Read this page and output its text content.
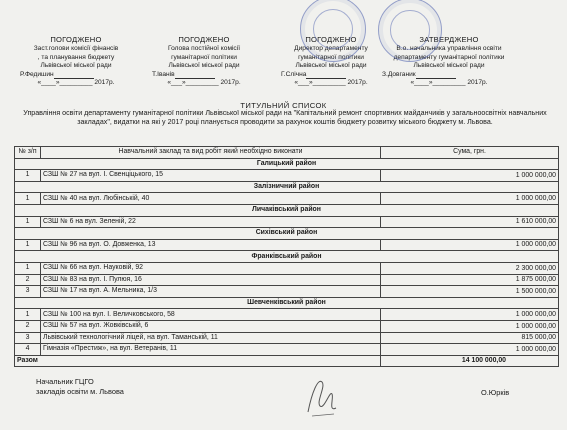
ПОГОДЖЕНО
Заст.голови комісії фінансів
, та планування бюджету
Львівської міської ради
Р.Федишин
«____»_________ 2017р.
ПОГОДЖЕНО
Голова постійної комісії
гуманітарної політики
Львівської міської ради
Т.Іванів
«___»_________ 2017р.
ПОГОДЖЕНО
Директор департаменту
гуманітарної політики
Львівської міської ради
Г.Слічна
«___»_________ 2017р.
ЗАТВЕРДЖЕНО
В.о. начальника управління освіти
департаменту гуманітарної політики
Львівської міської ради
З.Довганик
«____»_________ 2017р.
ТИТУЛЬНИЙ СПИСОК
Управління освіти департаменту гуманітарної політики Львівської міської ради на "Капітальний ремонт спортивних майданчиків у загальноосвітніх навчальних закладах", видатки на які у 2017 році планується проводити за рахунок коштів бюджету розвитку міського бюджету м. Львова.
№ з/п	Навчальний заклад та вид робіт який необхідно виконати	Сума, грн.
Галицький район		
1	СЗШ № 27 на вул. І. Свенціцького, 15	1 000 000,00
Залізничний район		
1	СЗШ № 40 на вул. Любінській, 40	1 000 000,00
Личаківський район		
1	СЗШ № 6 на вул. Зеленій, 22	1 610 000,00
Сихівський район		
1	СЗШ № 96 на вул. О. Довженка, 13	1 000 000,00
Франківський район		
1	СЗШ № 66 на вул. Науковій, 92	2 300 000,00
2	СЗШ № 83 на вул. І. Пулюя, 16	1 875 000,00
3	СЗШ № 17 на вул. А. Мельника, 1/3	1 500 000,00
Шевченківський район		
1	СЗШ № 100 на вул. І. Величковського, 58	1 000 000,00
2	СЗШ № 57 на вул. Жовківській, 6	1 000 000,00
3	Львівський технологічний ліцей, на вул. Таманській, 11	815 000,00
4	Гімназія «Престиж», на вул. Ветеранів, 11	1 000 000,00
Разом		14 100 000,00
Начальник ГЦГО
закладів освіти м. Львова	О.Юрків
